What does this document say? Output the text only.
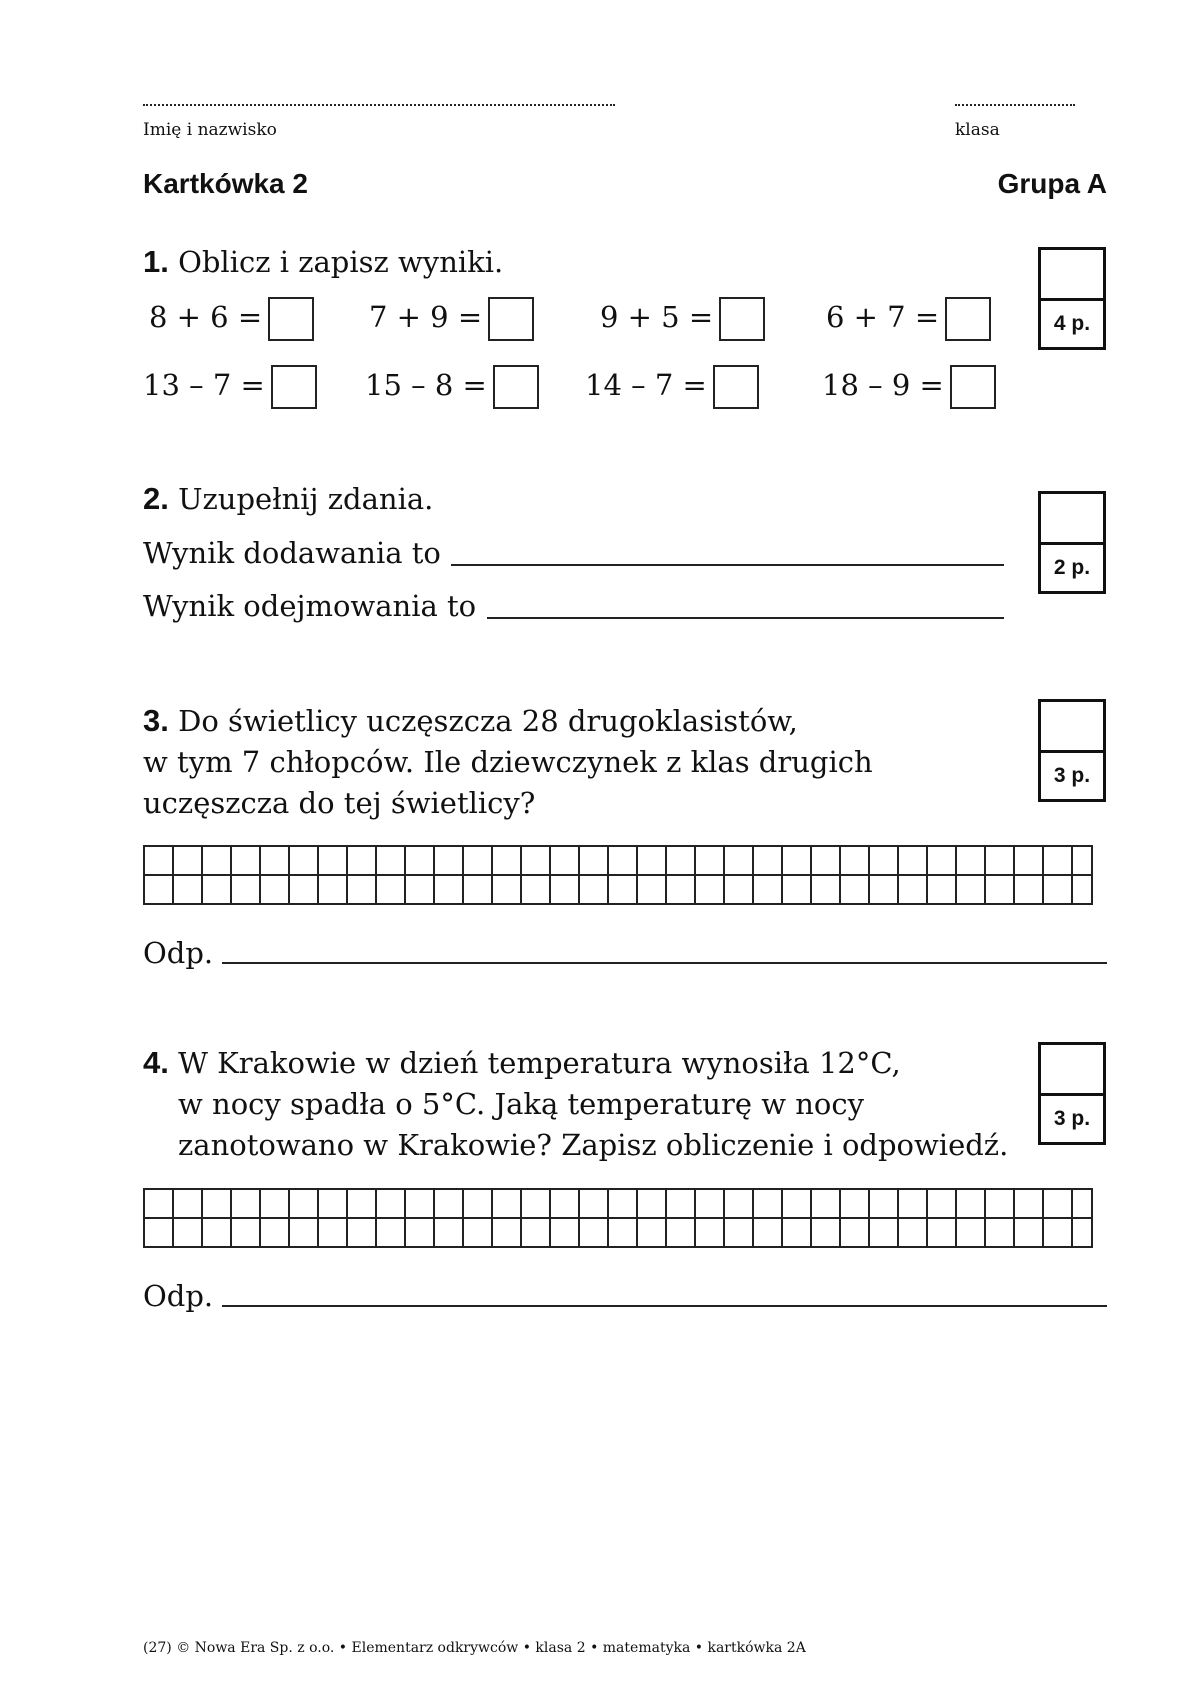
Imię i nazwisko	klasa
Kartkówka 2	Grupa A
1. Oblicz i zapisz wyniki.
4 p.
8 + 6 =	7 + 9 =	9 + 5 =	6 + 7 =
13 – 7 =	15 – 8 =	14 – 7 =	18 – 9 =
2. Uzupełnij zdania.
2 p.
Wynik dodawania to
Wynik odejmowania to
3. Do świetlicy uczęszcza 28 drugoklasistów,
w tym 7 chłopców. Ile dziewczynek z klas drugich
uczęszcza do tej świetlicy?
3 p.
Odp.
4. W Krakowie w dzień temperatura wynosiła 12°C,
w nocy spadła o 5°C. Jaką temperaturę w nocy
zanotowano w Krakowie? Zapisz obliczenie i odpowiedź.
3 p.
Odp.
(27) © Nowa Era Sp. z o.o. • Elementarz odkrywców • klasa 2 • matematyka • kartkówka 2A
